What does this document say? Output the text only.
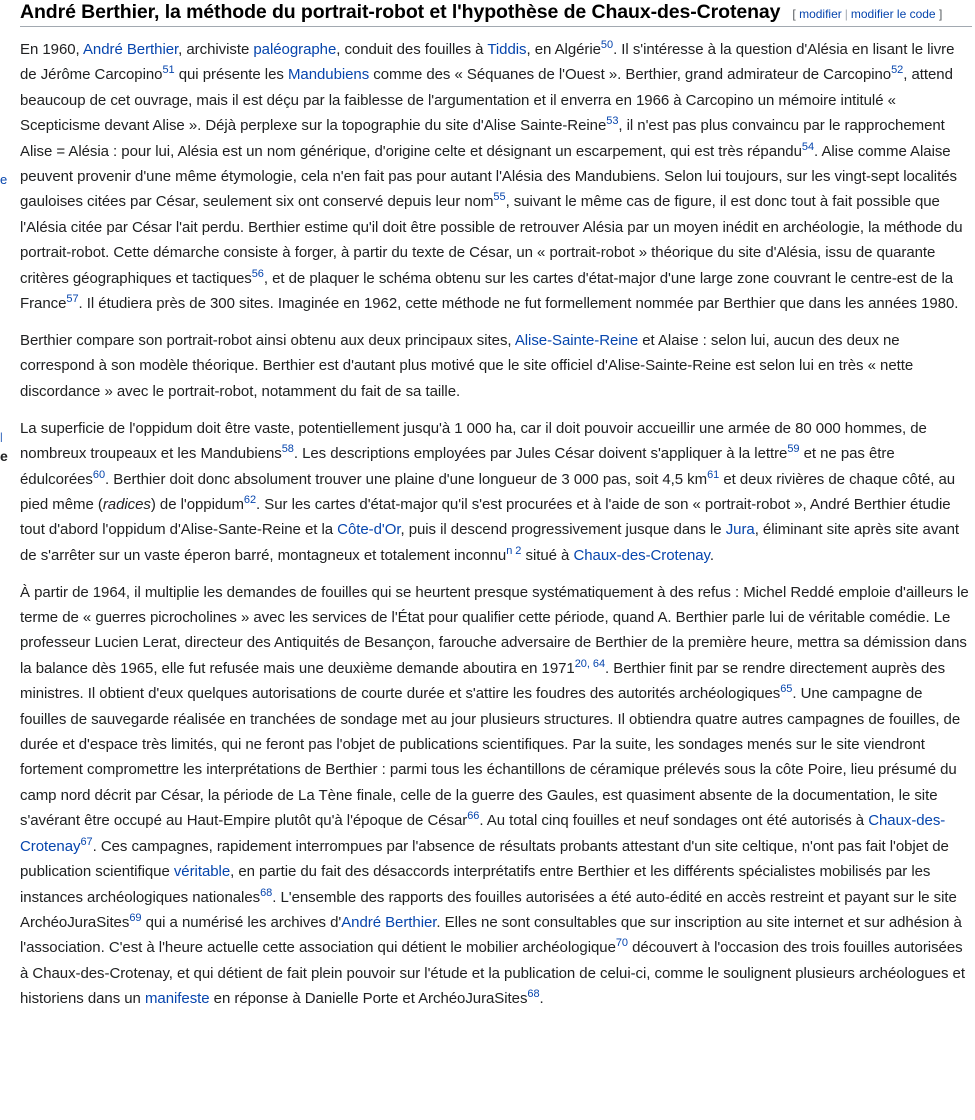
e
|
e
André Berthier, la méthode du portrait-robot et l'hypothèse de Chaux-des-Crotenay [ modifier | modifier le code ]

En 1960, André Berthier, archiviste paléographe, conduit des fouilles à Tiddis, en Algérie$^{50}$. Il s'intéresse à la question d'Alésia en lisant le livre de Jérôme Carcopino$^{51}$ qui présente les Mandubiens comme des « Séquanes de l'Ouest ». Berthier, grand admirateur de Carcopino$^{52}$, attend beaucoup de cet ouvrage, mais il est déçu par la faiblesse de l'argumentation et il enverra en 1966 à Carcopino un mémoire intitulé « Scepticisme devant Alise ». Déjà perplexe sur la topographie du site d'Alise Sainte-Reine$^{53}$, il n'est pas plus convaincu par le rapprochement Alise = Alésia : pour lui, Alésia est un nom générique, d'origine celte et désignant un escarpement, qui est très répandu$^{54}$. Alise comme Alaise peuvent provenir d'une même étymologie, cela n'en fait pas pour autant l'Alésia des Mandubiens. Selon lui toujours, sur les vingt-sept localités gauloises citées par César, seulement six ont conservé depuis leur nom$^{55}$, suivant le même cas de figure, il est donc tout à fait possible que l'Alésia citée par César l'ait perdu. Berthier estime qu'il doit être possible de retrouver Alésia par un moyen inédit en archéologie, la méthode du portrait-robot. Cette démarche consiste à forger, à partir du texte de César, un « portrait-robot » théorique du site d'Alésia, issu de quarante critères géographiques et tactiques$^{56}$, et de plaquer le schéma obtenu sur les cartes d'état-major d'une large zone couvrant le centre-est de la France$^{57}$. Il étudiera près de 300 sites. Imaginée en 1962, cette méthode ne fut formellement nommée par Berthier que dans les années 1980.

Berthier compare son portrait-robot ainsi obtenu aux deux principaux sites, Alise-Sainte-Reine et Alaise : selon lui, aucun des deux ne correspond à son modèle théorique. Berthier est d'autant plus motivé que le site officiel d'Alise-Sainte-Reine est selon lui en très « nette discordance » avec le portrait-robot, notamment du fait de sa taille.

La superficie de l'oppidum doit être vaste, potentiellement jusqu'à 1 000 ha, car il doit pouvoir accueillir une armée de 80 000 hommes, de nombreux troupeaux et les Mandubiens$^{58}$. Les descriptions employées par Jules César doivent s'appliquer à la lettre$^{59}$ et ne pas être édulcorées$^{60}$. Berthier doit donc absolument trouver une plaine d'une longueur de 3 000 pas, soit 4,5 $km^{61}$ et deux rivières de chaque côté, au pied même (radices) de l'oppidum$^{62}$. Sur les cartes d'état-major qu'il s'est procurées et à l'aide de son « portrait-robot », André Berthier étudie tout d'abord l'oppidum d'Alise-Sante-Reine et la Côte-d'Or, puis il descend progressivement jusque dans le Jura, éliminant site après site avant de s'arrêter sur un vaste éperon barré, montagneux et totalement inconnu$^{n 2}$ situé à Chaux-des-Crotenay.

À partir de 1964, il multiplie les demandes de fouilles qui se heurtent presque systématiquement à des refus : Michel Reddé emploie d'ailleurs le terme de « guerres picrocholines » avec les services de l'État pour qualifier cette période, quand A. Berthier parle lui de véritable comédie. Le professeur Lucien Lerat, directeur des Antiquités de Besançon, farouche adversaire de Berthier de la première heure, mettra sa démission dans la balance dès 1965, elle fut refusée mais une deuxième demande aboutira en 1971$^{20, 64}$. Berthier finit par se rendre directement auprès des ministres. Il obtient d'eux quelques autorisations de courte durée et s'attire les foudres des autorités archéologiques$^{65}$. Une campagne de fouilles de sauvegarde réalisée en tranchées de sondage met au jour plusieurs structures. Il obtiendra quatre autres campagnes de fouilles, de durée et d'espace très limités, qui ne feront pas l'objet de publications scientifiques. Par la suite, les sondages menés sur le site viendront fortement compromettre les interprétations de Berthier : parmi tous les échantillons de céramique prélevés sous la côte Poire, lieu présumé du camp nord décrit par César, la période de La Tène finale, celle de la guerre des Gaules, est quasiment absente de la documentation, le site s'avérant être occupé au Haut-Empire plutôt qu'à l'époque de César$^{66}$. Au total cinq fouilles et neuf sondages ont été autorisés à Chaux-des-Crotenay$^{67}$. Ces campagnes, rapidement interrompues par l'absence de résultats probants attestant d'un site celtique, n'ont pas fait l'objet de publication scientifique véritable, en partie du fait des désaccords interprétatifs entre Berthier et les différents spécialistes mobilisés par les instances archéologiques nationales$^{68}$. L'ensemble des rapports des fouilles autorisées a été auto-édité en accès restreint et payant sur le site ArchéoJuraSites$^{69}$ qui a numérisé les archives d'André Berthier. Elles ne sont consultables que sur inscription au site internet et sur adhésion à l'association. C'est à l'heure actuelle cette association qui détient le mobilier archéologique$^{70}$ découvert à l'occasion des trois fouilles autorisées à Chaux-des-Crotenay, et qui détient de fait plein pouvoir sur l'étude et la publication de celui-ci, comme le soulignent plusieurs archéologues et historiens dans un manifeste en réponse à Danielle Porte et ArchéoJuraSites$^{68}$.
